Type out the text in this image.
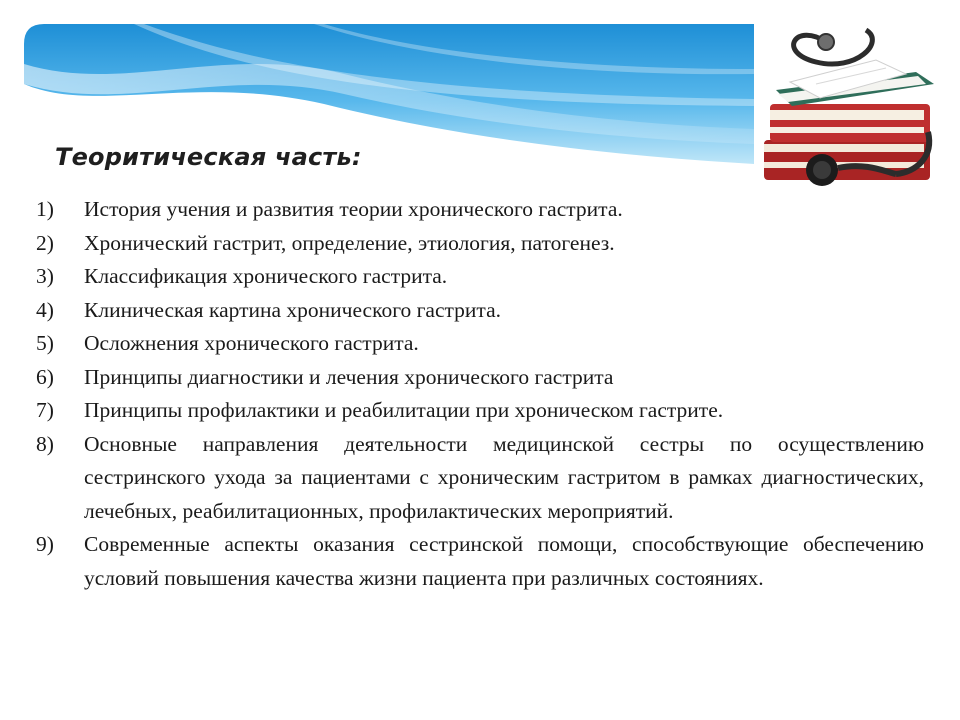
Теоритическая часть:
1)	История учения и развития теории хронического гастрита.
2)	Хронический гастрит, определение, этиология, патогенез.
3)	Классификация хронического гастрита.
4)	Клиническая картина хронического гастрита.
5)	Осложнения хронического гастрита.
6)	Принципы диагностики и лечения хронического гастрита
7)	Принципы профилактики и реабилитации при хроническом гастрите.
8)	Основные направления деятельности медицинской сестры по осуществлению сестринского ухода за пациентами с хроническим гастритом в рамках диагностических, лечебных, реабилитационных, профилактических мероприятий.
9)	Современные аспекты оказания сестринской помощи, способствующие обеспечению условий повышения качества жизни пациента при различных состояниях.
